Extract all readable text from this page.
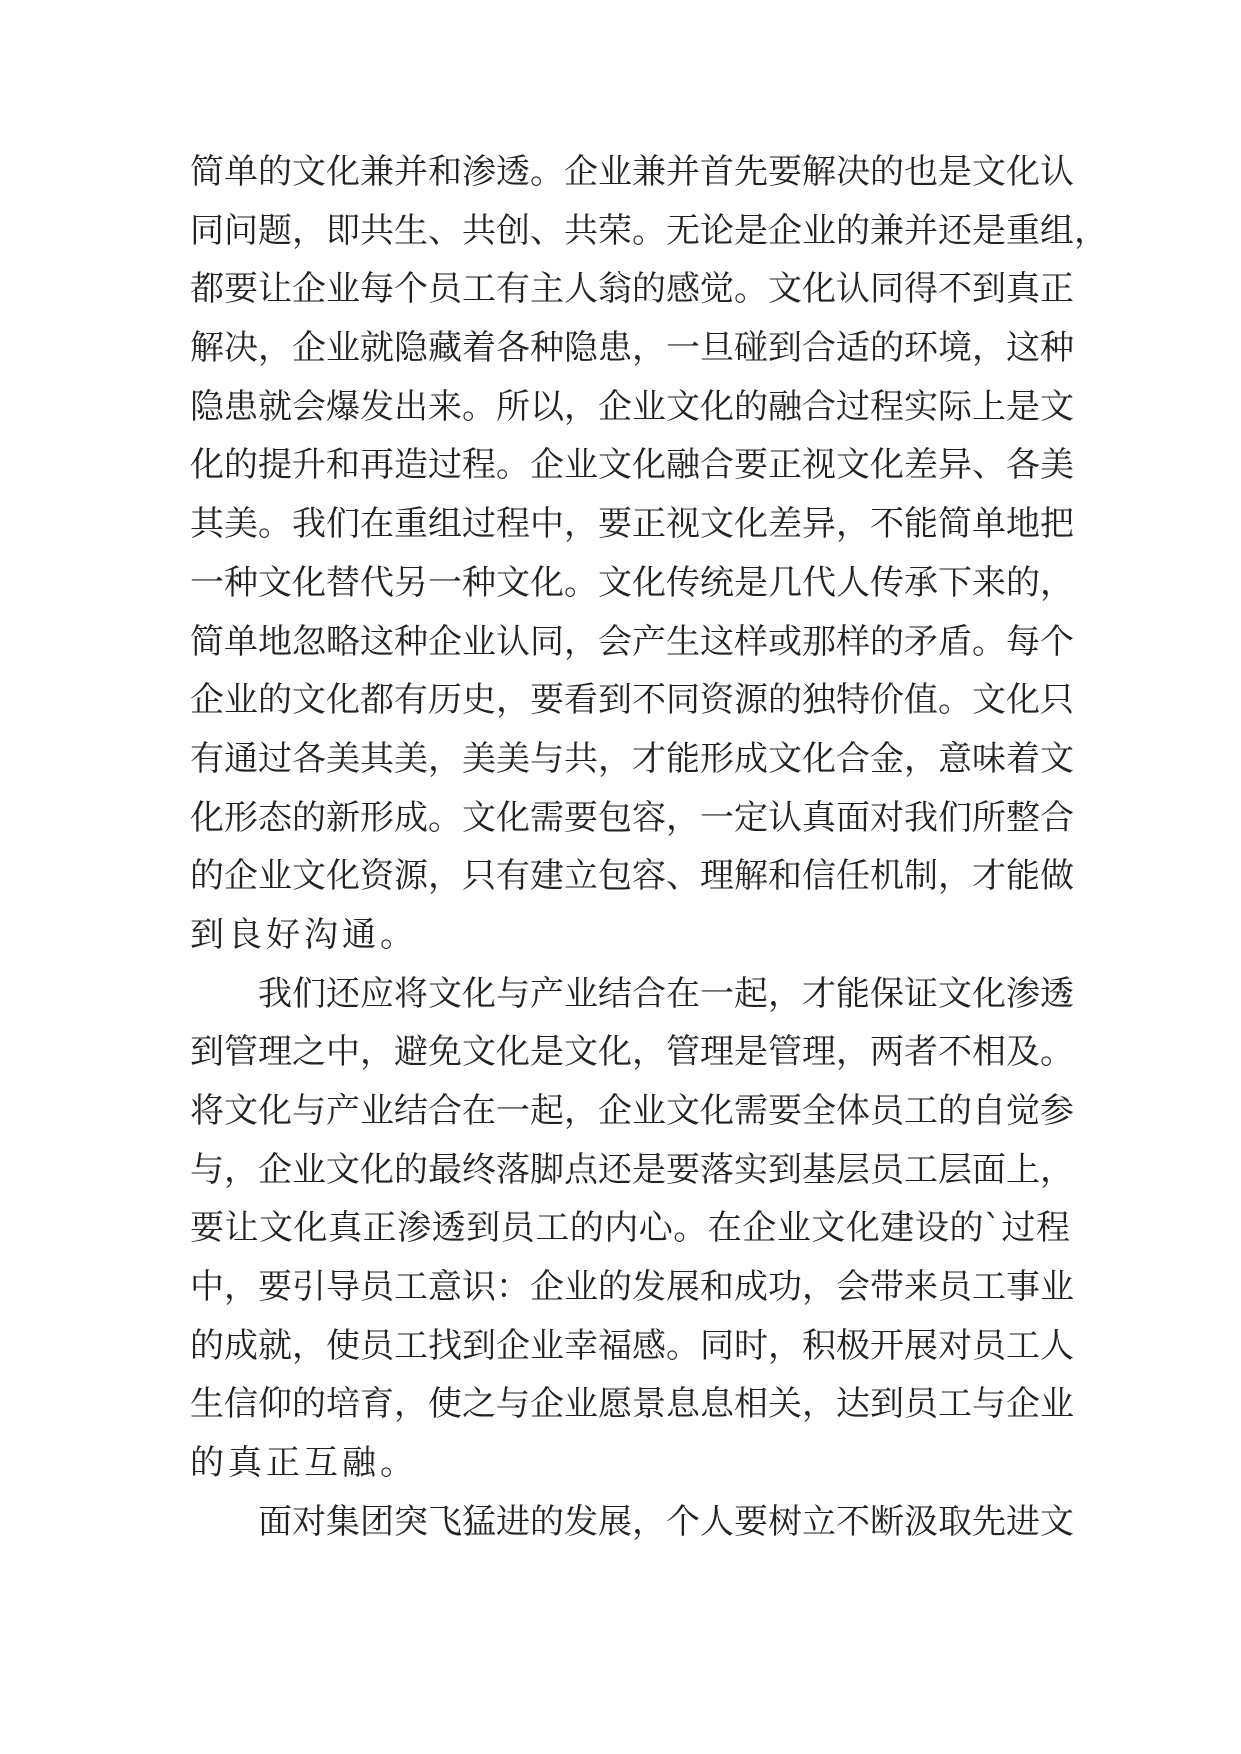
简单的文化兼并和渗透。企业兼并首先要解决的也是文化认
同问题，即共生、共创、共荣。无论是企业的兼并还是重组，
都要让企业每个员工有主人翁的感觉。文化认同得不到真正
解决，企业就隐藏着各种隐患，一旦碰到合适的环境，这种
隐患就会爆发出来。所以，企业文化的融合过程实际上是文
化的提升和再造过程。企业文化融合要正视文化差异、各美
其美。我们在重组过程中，要正视文化差异，不能简单地把
一种文化替代另一种文化。文化传统是几代人传承下来的，
简单地忽略这种企业认同，会产生这样或那样的矛盾。每个
企业的文化都有历史，要看到不同资源的独特价值。文化只
有通过各美其美，美美与共，才能形成文化合金，意味着文
化形态的新形成。文化需要包容，一定认真面对我们所整合
的企业文化资源，只有建立包容、理解和信任机制，才能做
到良好沟通。
我们还应将文化与产业结合在一起，才能保证文化渗透
到管理之中，避免文化是文化，管理是管理，两者不相及。
将文化与产业结合在一起，企业文化需要全体员工的自觉参
与，企业文化的最终落脚点还是要落实到基层员工层面上，
要让文化真正渗透到员工的内心。在企业文化建设的`过程
中，要引导员工意识：企业的发展和成功，会带来员工事业
的成就，使员工找到企业幸福感。同时，积极开展对员工人
生信仰的培育，使之与企业愿景息息相关，达到员工与企业
的真正互融。
面对集团突飞猛进的发展，个人要树立不断汲取先进文
